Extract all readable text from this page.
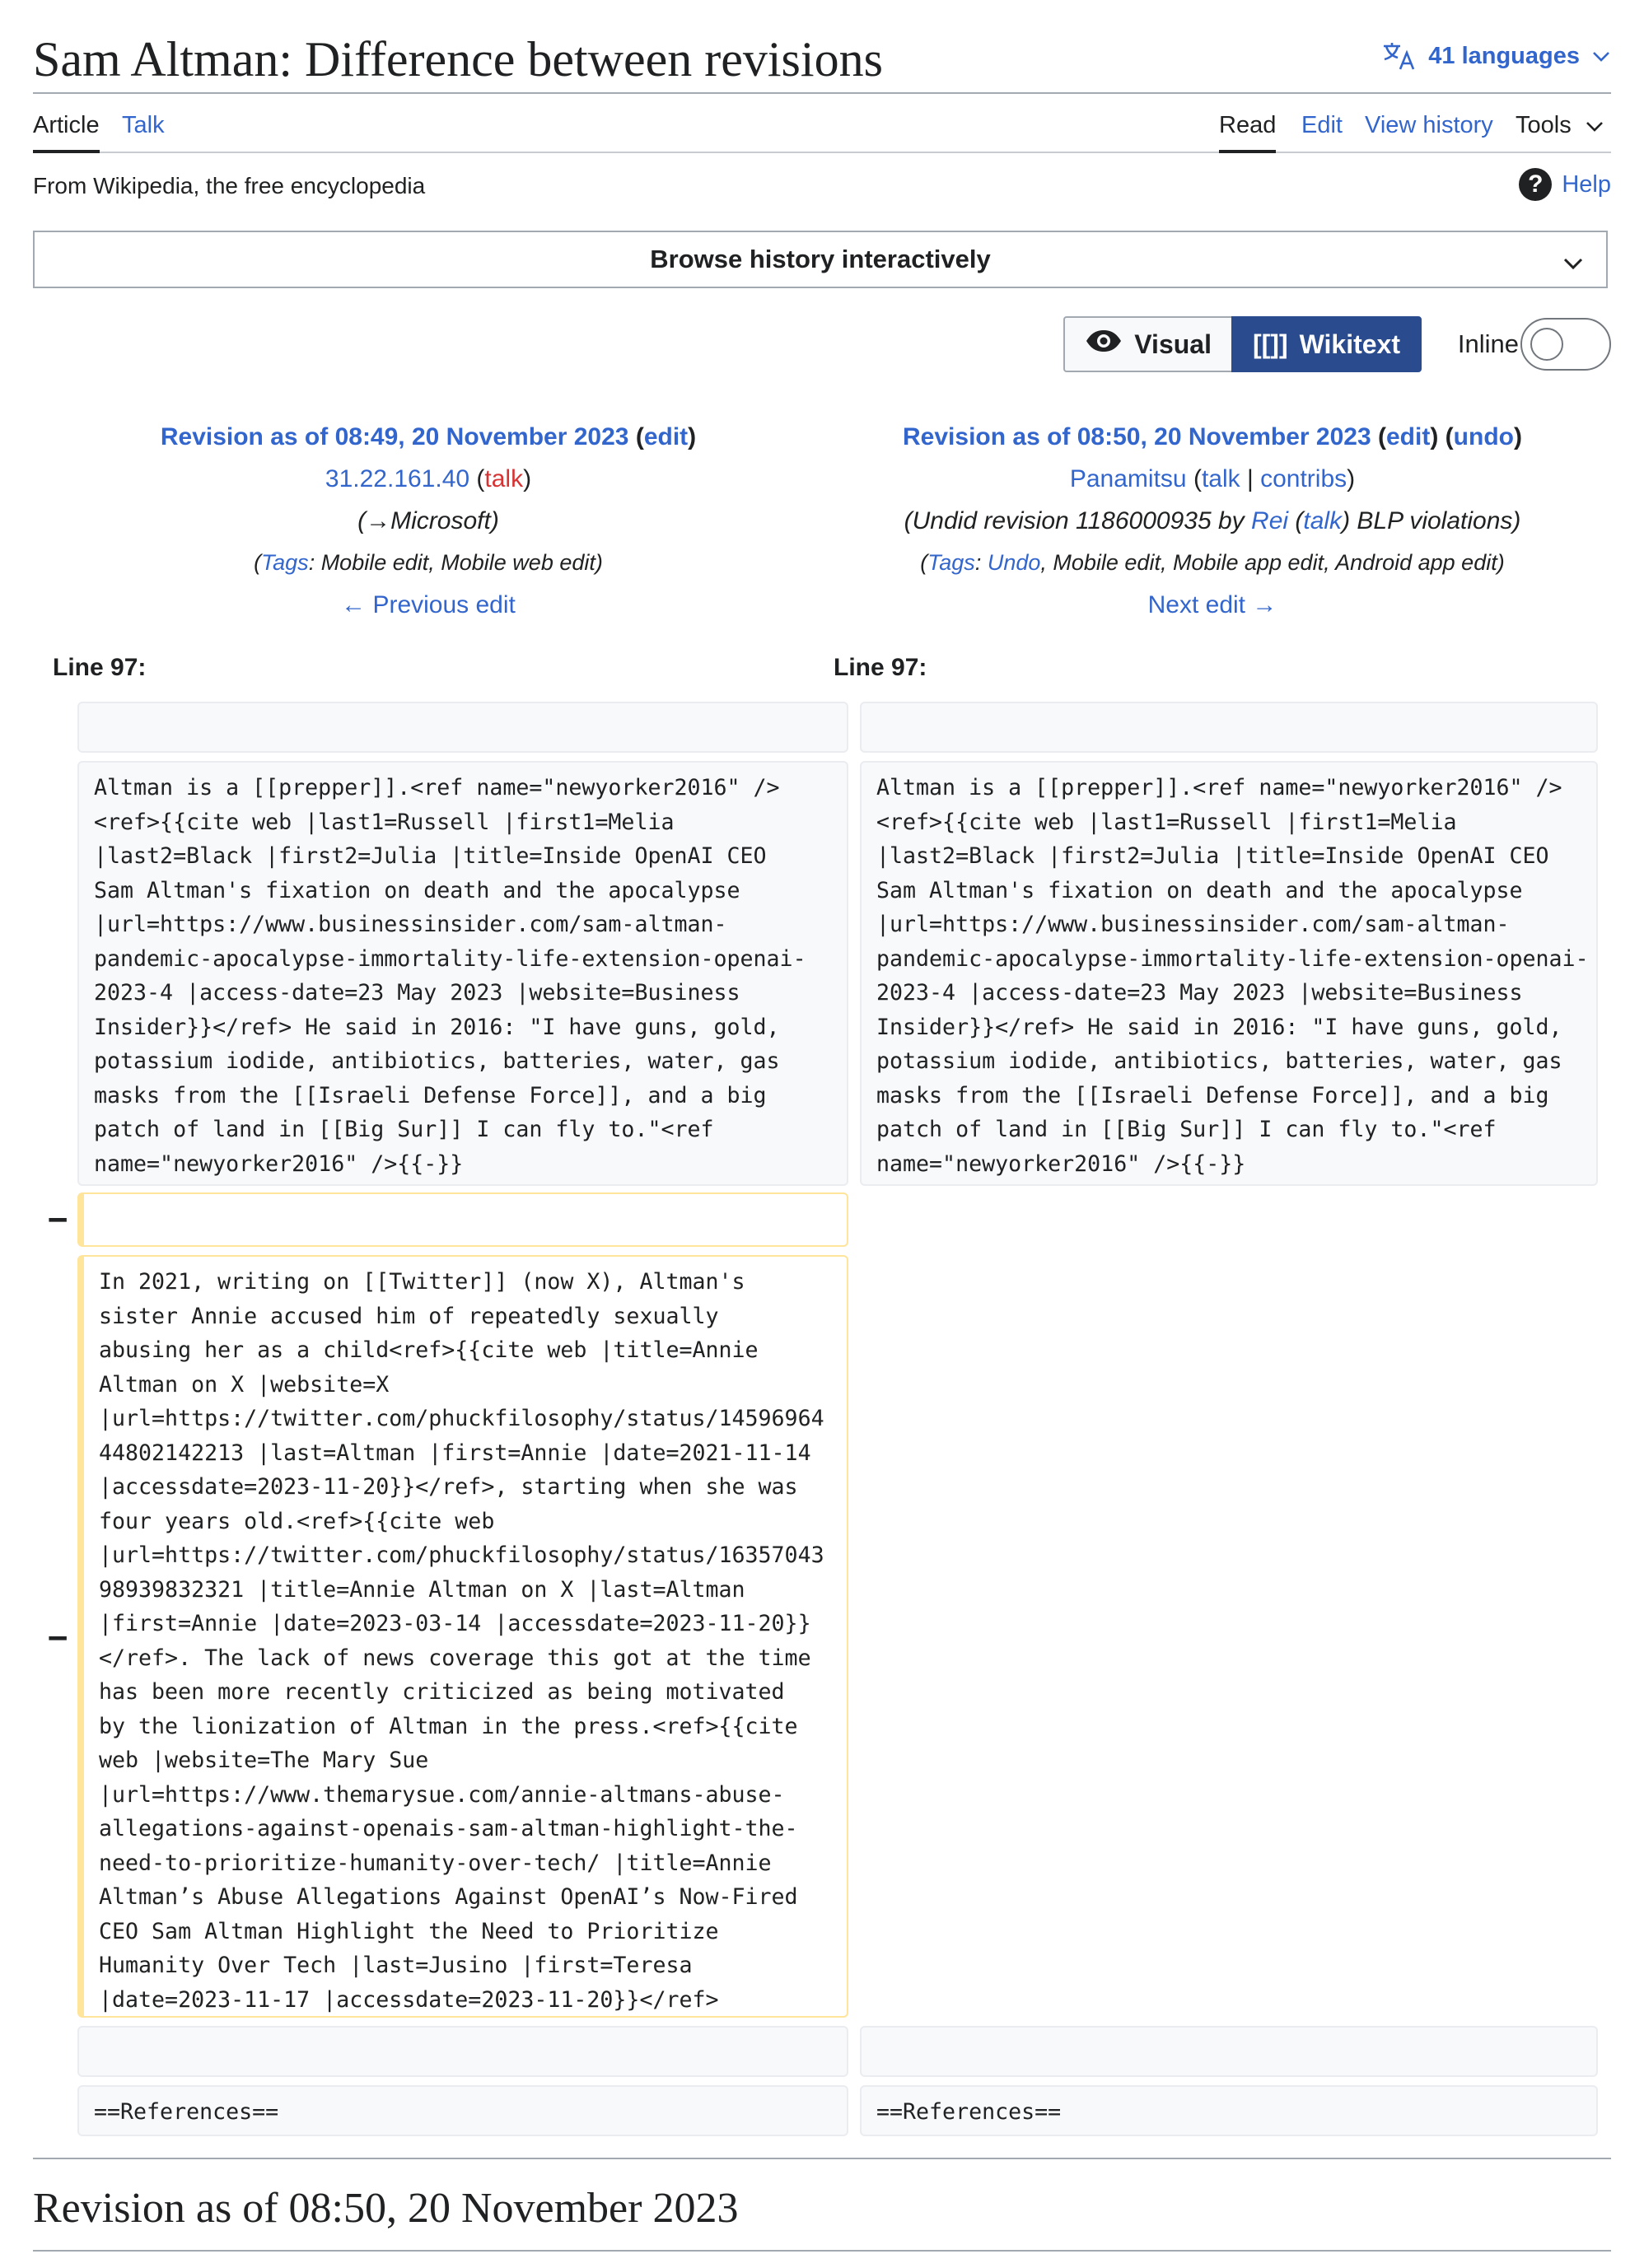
Sam Altman: Difference between revisions	41 languages
Article Talk	Read Edit View history Tools
From Wikipedia, the free encyclopedia	? Help
Browse history interactively
Visual [[]] Wikitext Inline
Revision as of 08:49, 20 November 2023 (edit)
31.22.161.40 (talk)
(→Microsoft)
(Tags: Mobile edit, Mobile web edit)
← Previous edit
Revision as of 08:50, 20 November 2023 (edit) (undo)
Panamitsu (talk | contribs)
(Undid revision 1186000935 by Rei (talk) BLP violations)
(Tags: Undo, Mobile edit, Mobile app edit, Android app edit)
Next edit →
Line 97:	Line 97:
Altman is a [[prepper]].<ref name="newyorker2016" />
<ref>{{cite web |last1=Russell |first1=Melia
|last2=Black |first2=Julia |title=Inside OpenAI CEO
Sam Altman's fixation on death and the apocalypse
|url=https://www.businessinsider.com/sam-altman-
pandemic-apocalypse-immortality-life-extension-openai-
2023-4 |access-date=23 May 2023 |website=Business
Insider}}</ref> He said in 2016: "I have guns, gold,
potassium iodide, antibiotics, batteries, water, gas
masks from the [[Israeli Defense Force]], and a big
patch of land in [[Big Sur]] I can fly to."<ref
name="newyorker2016" />{{-}}
−
−
In 2021, writing on [[Twitter]] (now X), Altman's
sister Annie accused him of repeatedly sexually
abusing her as a child<ref>{{cite web |title=Annie
Altman on X |website=X
|url=https://twitter.com/phuckfilosophy/status/14596964
44802142213 |last=Altman |first=Annie |date=2021-11-14
|accessdate=2023-11-20}}</ref>, starting when she was
four years old.<ref>{{cite web
|url=https://twitter.com/phuckfilosophy/status/16357043
98939832321 |title=Annie Altman on X |last=Altman
|first=Annie |date=2023-03-14 |accessdate=2023-11-20}}
</ref>. The lack of news coverage this got at the time
has been more recently criticized as being motivated
by the lionization of Altman in the press.<ref>{{cite
web |website=The Mary Sue
|url=https://www.themarysue.com/annie-altmans-abuse-
allegations-against-openais-sam-altman-highlight-the-
need-to-prioritize-humanity-over-tech/ |title=Annie
Altman’s Abuse Allegations Against OpenAI’s Now-Fired
CEO Sam Altman Highlight the Need to Prioritize
Humanity Over Tech |last=Jusino |first=Teresa
|date=2023-11-17 |accessdate=2023-11-20}}</ref>
==References==
Altman is a [[prepper]].<ref name="newyorker2016" />
<ref>{{cite web |last1=Russell |first1=Melia
|last2=Black |first2=Julia |title=Inside OpenAI CEO
Sam Altman's fixation on death and the apocalypse
|url=https://www.businessinsider.com/sam-altman-
pandemic-apocalypse-immortality-life-extension-openai-
2023-4 |access-date=23 May 2023 |website=Business
Insider}}</ref> He said in 2016: "I have guns, gold,
potassium iodide, antibiotics, batteries, water, gas
masks from the [[Israeli Defense Force]], and a big
patch of land in [[Big Sur]] I can fly to."<ref
name="newyorker2016" />{{-}}
==References==
Revision as of 08:50, 20 November 2023
